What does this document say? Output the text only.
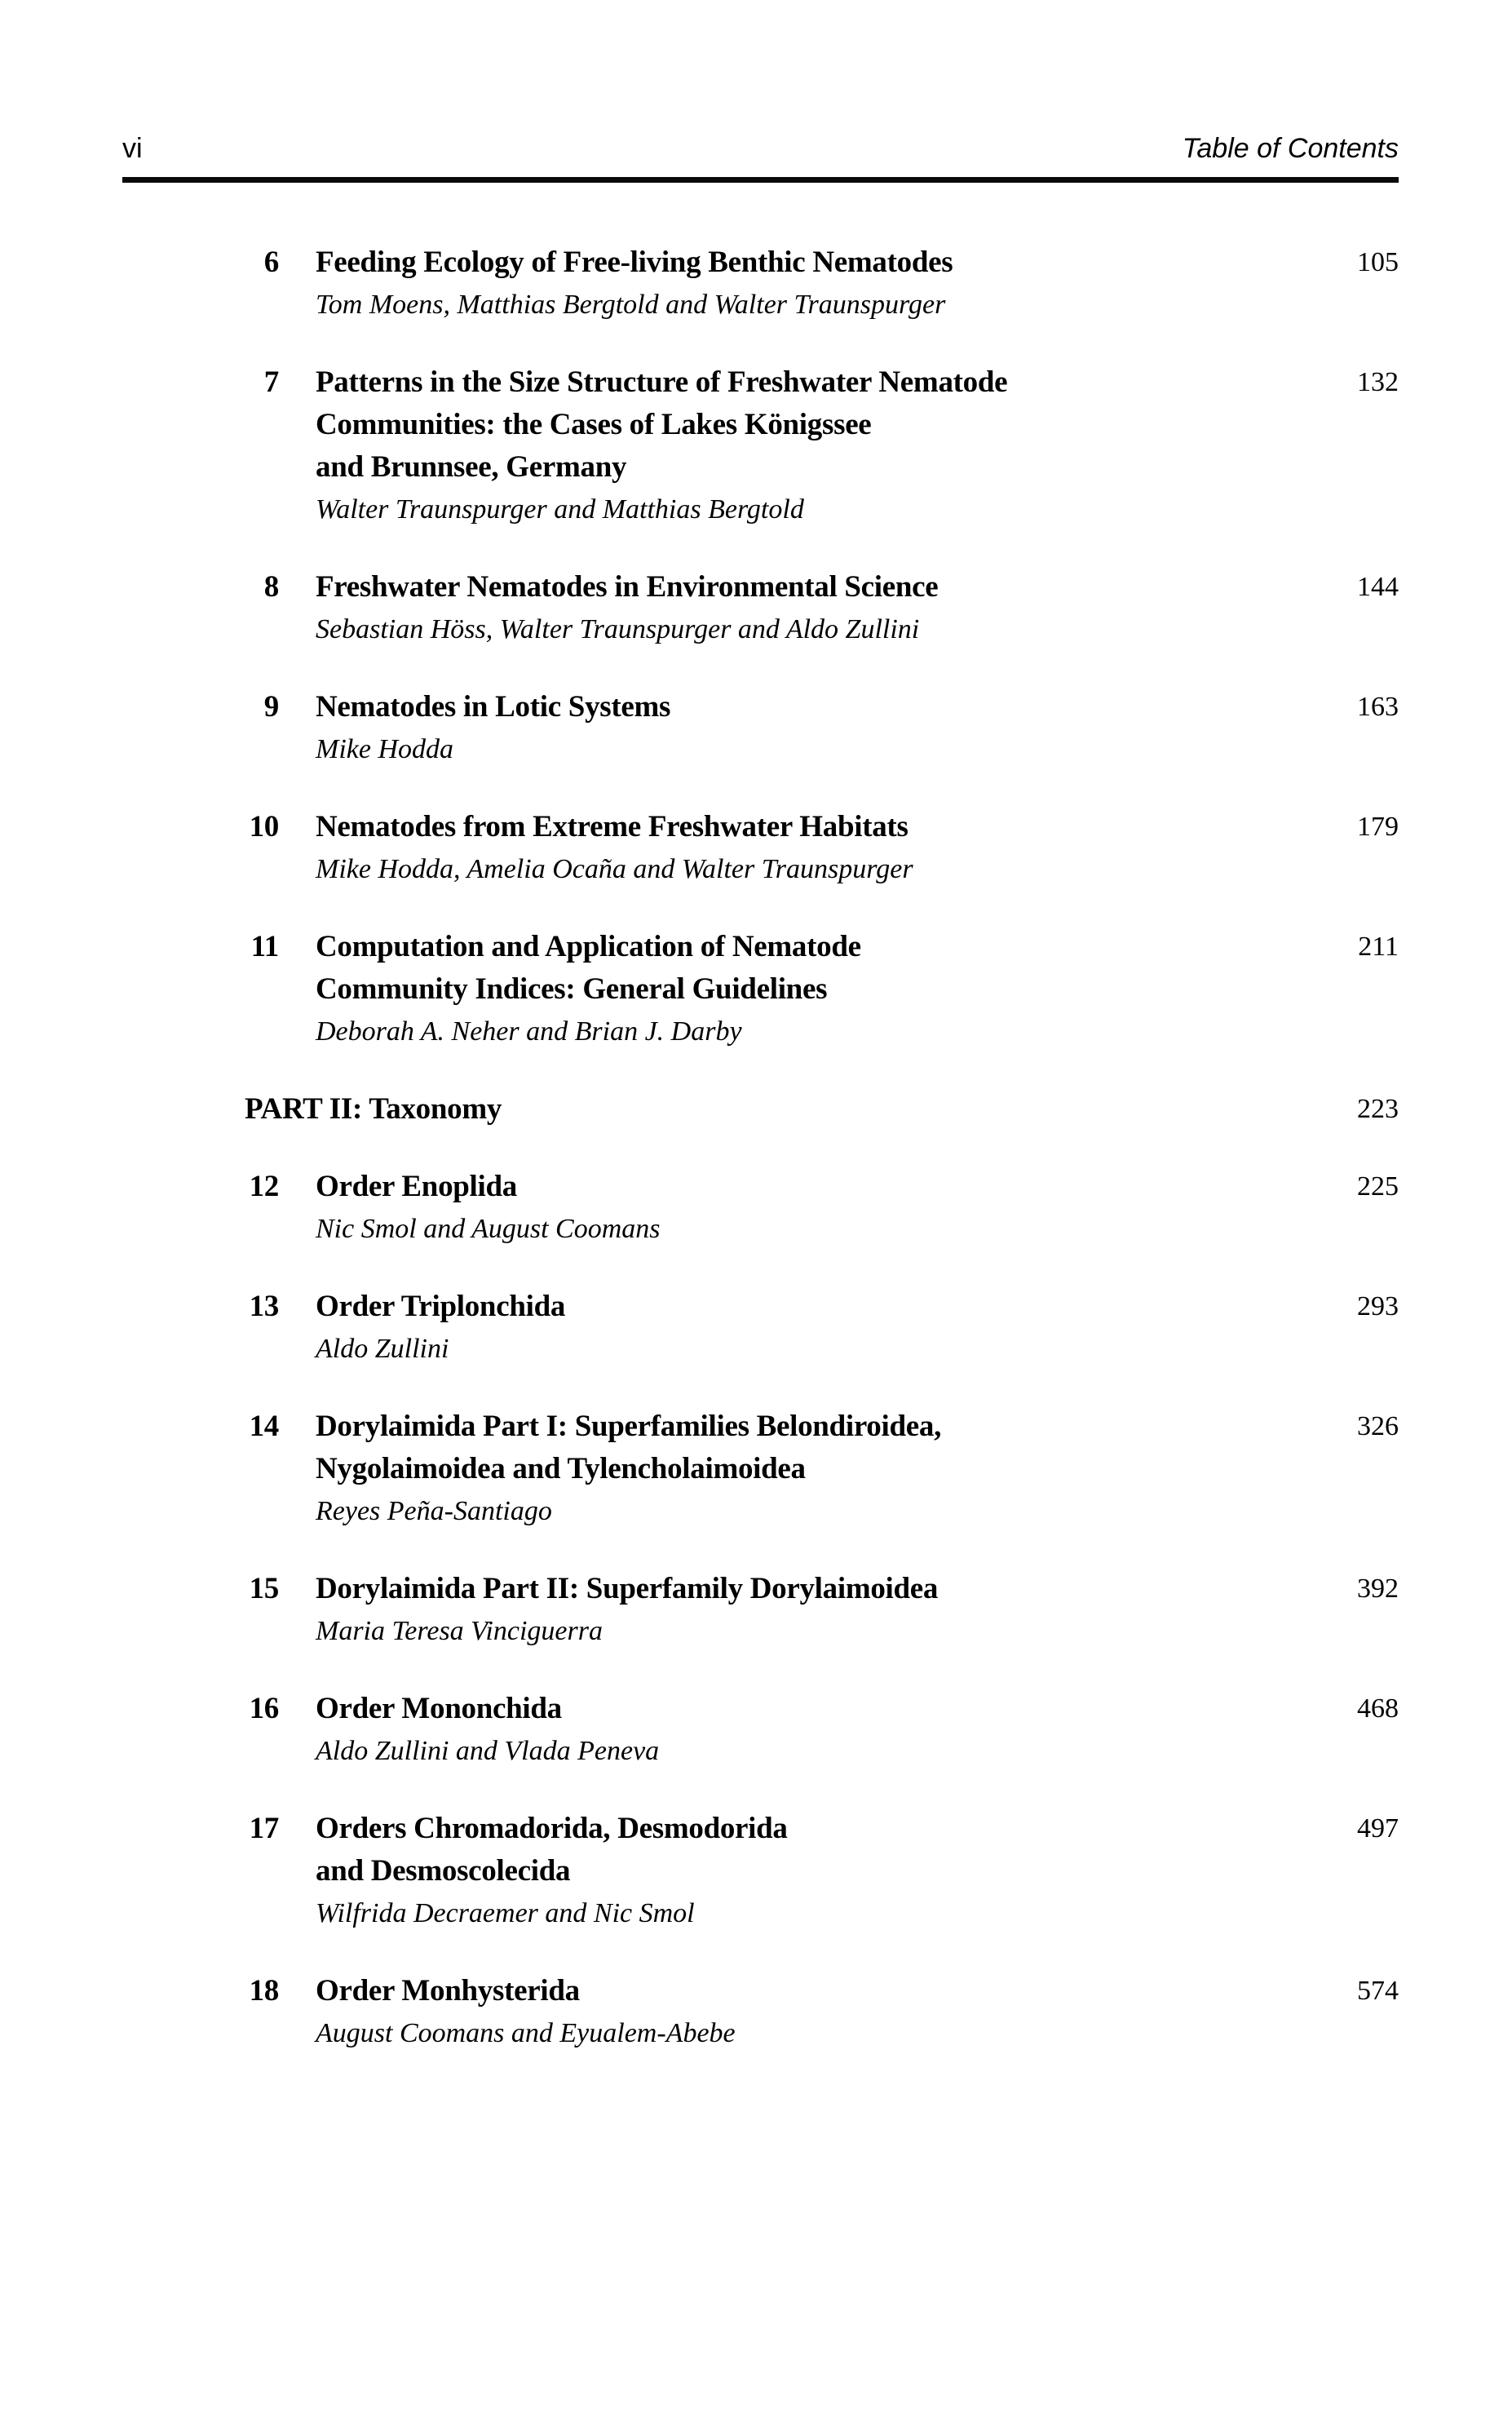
vi	Table of Contents
6 Feeding Ecology of Free-living Benthic Nematodes
Tom Moens, Matthias Bergtold and Walter Traunspurger
105
7 Patterns in the Size Structure of Freshwater Nematode
Communities: the Cases of Lakes Königssee
and Brunnsee, Germany
Walter Traunspurger and Matthias Bergtold
132
8 Freshwater Nematodes in Environmental Science
Sebastian Höss, Walter Traunspurger and Aldo Zullini
144
9 Nematodes in Lotic Systems
Mike Hodda
163
10 Nematodes from Extreme Freshwater Habitats
Mike Hodda, Amelia Ocaña and Walter Traunspurger
179
11 Computation and Application of Nematode
Community Indices: General Guidelines
Deborah A. Neher and Brian J. Darby
211
PART II: Taxonomy	223
12 Order Enoplida
Nic Smol and August Coomans
225
13 Order Triplonchida
Aldo Zullini
293
14 Dorylaimida Part I: Superfamilies Belondiroidea,
Nygolaimoidea and Tylencholaimoidea
Reyes Peña-Santiago
326
15 Dorylaimida Part II: Superfamily Dorylaimoidea
Maria Teresa Vinciguerra
392
16 Order Mononchida
Aldo Zullini and Vlada Peneva
468
17 Orders Chromadorida, Desmodorida
and Desmoscolecida
Wilfrida Decraemer and Nic Smol
497
18 Order Monhysterida
August Coomans and Eyualem-Abebe
574
